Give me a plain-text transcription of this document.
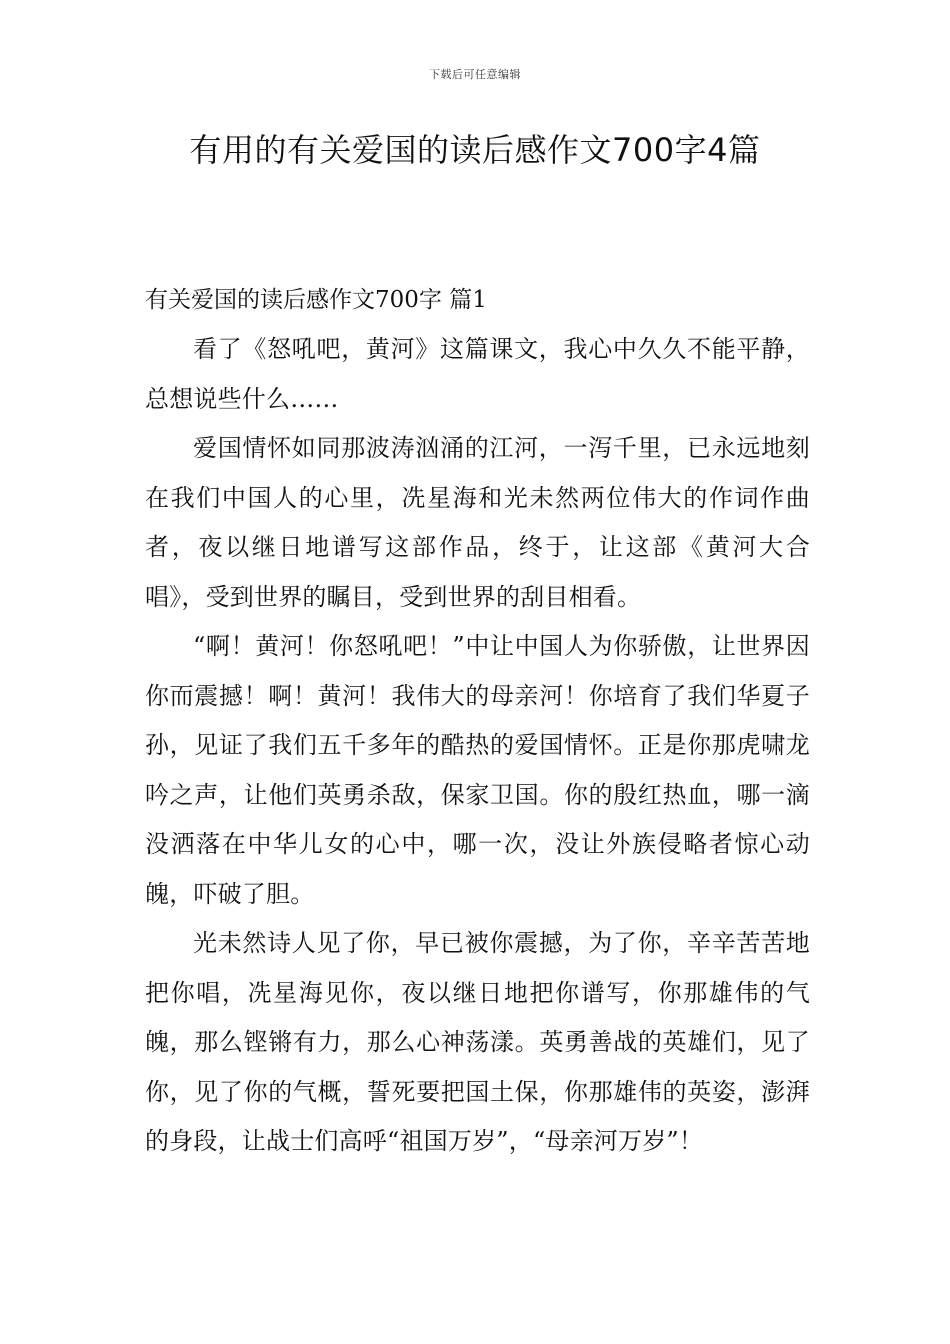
下载后可任意编辑
有用的有关爱国的读后感作文700字4篇
有关爱国的读后感作文700字 篇1

看了《怒吼吧，黄河》这篇课文，我心中久久不能平静，总想说些什么……

爱国情怀如同那波涛汹涌的江河，一泻千里，已永远地刻在我们中国人的心里，冼星海和光未然两位伟大的作词作曲者，夜以继日地谱写这部作品，终于，让这部《黄河大合唱》，受到世界的瞩目，受到世界的刮目相看。

“啊！黄河！你怒吼吧！”中让中国人为你骄傲，让世界因你而震撼！啊！黄河！我伟大的母亲河！你培育了我们华夏子孙，见证了我们五千多年的酷热的爱国情怀。正是你那虎啸龙吟之声，让他们英勇杀敌，保家卫国。你的殷红热血，哪一滴没洒落在中华儿女的心中，哪一次，没让外族侵略者惊心动魄，吓破了胆。

光未然诗人见了你，早已被你震撼，为了你，辛辛苦苦地把你唱，冼星海见你，夜以继日地把你谱写，你那雄伟的气魄，那么铿锵有力，那么心神荡漾。英勇善战的英雄们，见了你，见了你的气概，誓死要把国土保，你那雄伟的英姿，澎湃的身段，让战士们高呼“祖国万岁”，“母亲河万岁”！
